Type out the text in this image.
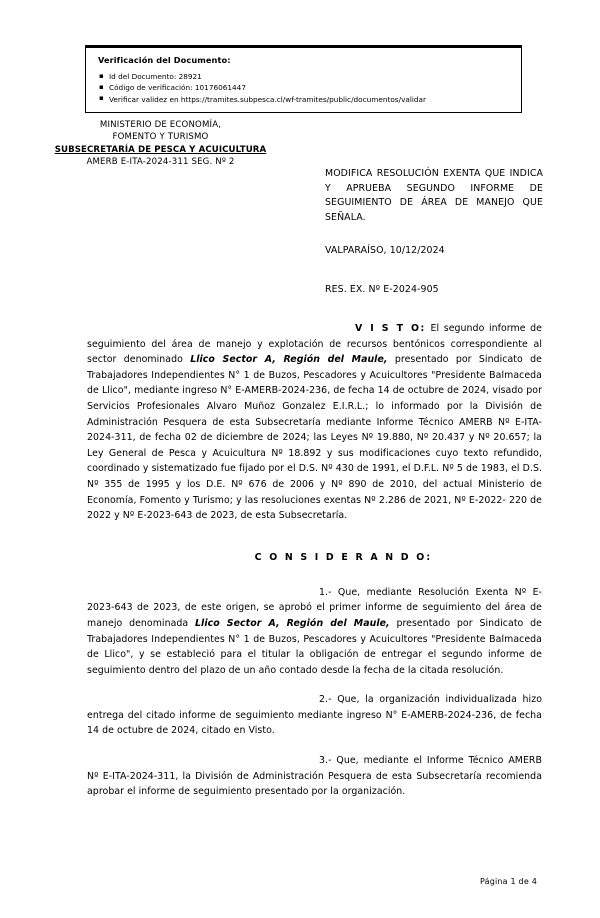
Verificación del Documento:
▪ Id del Documento: 28921
▪ Código de verificación: 10176061447
▪ Verificar validez en https://tramites.subpesca.cl/wf-tramites/public/documentos/validar
MINISTERIO DE ECONOMÍA,
FOMENTO Y TURISMO
SUBSECRETARÍA DE PESCA Y ACUICULTURA
AMERB E-ITA-2024-311 SEG. Nº 2
MODIFICA RESOLUCIÓN EXENTA QUE INDICA Y APRUEBA SEGUNDO INFORME DE SEGUIMIENTO DE ÁREA DE MANEJO QUE SEÑALA.
VALPARAÍSO, 10/12/2024
RES. EX. Nº E-2024-905

V I S T O: El segundo informe de seguimiento del área de manejo y explotación de recursos bentónicos correspondiente al sector denominado Llico Sector A, Región del Maule, presentado por Sindicato de Trabajadores Independientes N° 1 de Buzos, Pescadores y Acuicultores "Presidente Balmaceda de Llico", mediante ingreso N° E-AMERB-2024-236, de fecha 14 de octubre de 2024, visado por Servicios Profesionales Alvaro Muñoz Gonzalez E.I.R.L.; lo informado por la División de Administración Pesquera de esta Subsecretaría mediante Informe Técnico AMERB Nº E-ITA-2024-311, de fecha 02 de diciembre de 2024; las Leyes Nº 19.880, Nº 20.437 y Nº 20.657; la Ley General de Pesca y Acuicultura Nº 18.892 y sus modificaciones cuyo texto refundido, coordinado y sistematizado fue fijado por el D.S. Nº 430 de 1991, el D.F.L. Nº 5 de 1983, el D.S. Nº 355 de 1995 y los D.E. Nº 676 de 2006 y Nº 890 de 2010, del actual Ministerio de Economía, Fomento y Turismo; y las resoluciones exentas Nº 2.286 de 2021, Nº E-2022- 220 de 2022 y Nº E-2023-643 de 2023, de esta Subsecretaría.

C O N S I D E R A N D O:

1.- Que, mediante Resolución Exenta Nº E-2023-643 de 2023, de este origen, se aprobó el primer informe de seguimiento del área de manejo denominada Llico Sector A, Región del Maule, presentado por Sindicato de Trabajadores Independientes N° 1 de Buzos, Pescadores y Acuicultores "Presidente Balmaceda de Llico", y se estableció para el titular la obligación de entregar el segundo informe de seguimiento dentro del plazo de un año contado desde la fecha de la citada resolución.

2.- Que, la organización individualizada hizo entrega del citado informe de seguimiento mediante ingreso N° E-AMERB-2024-236, de fecha 14 de octubre de 2024, citado en Visto.

3.- Que, mediante el Informe Técnico AMERB Nº E-ITA-2024-311, la División de Administración Pesquera de esta Subsecretaría recomienda aprobar el informe de seguimiento presentado por la organización.

Página 1 de 4
